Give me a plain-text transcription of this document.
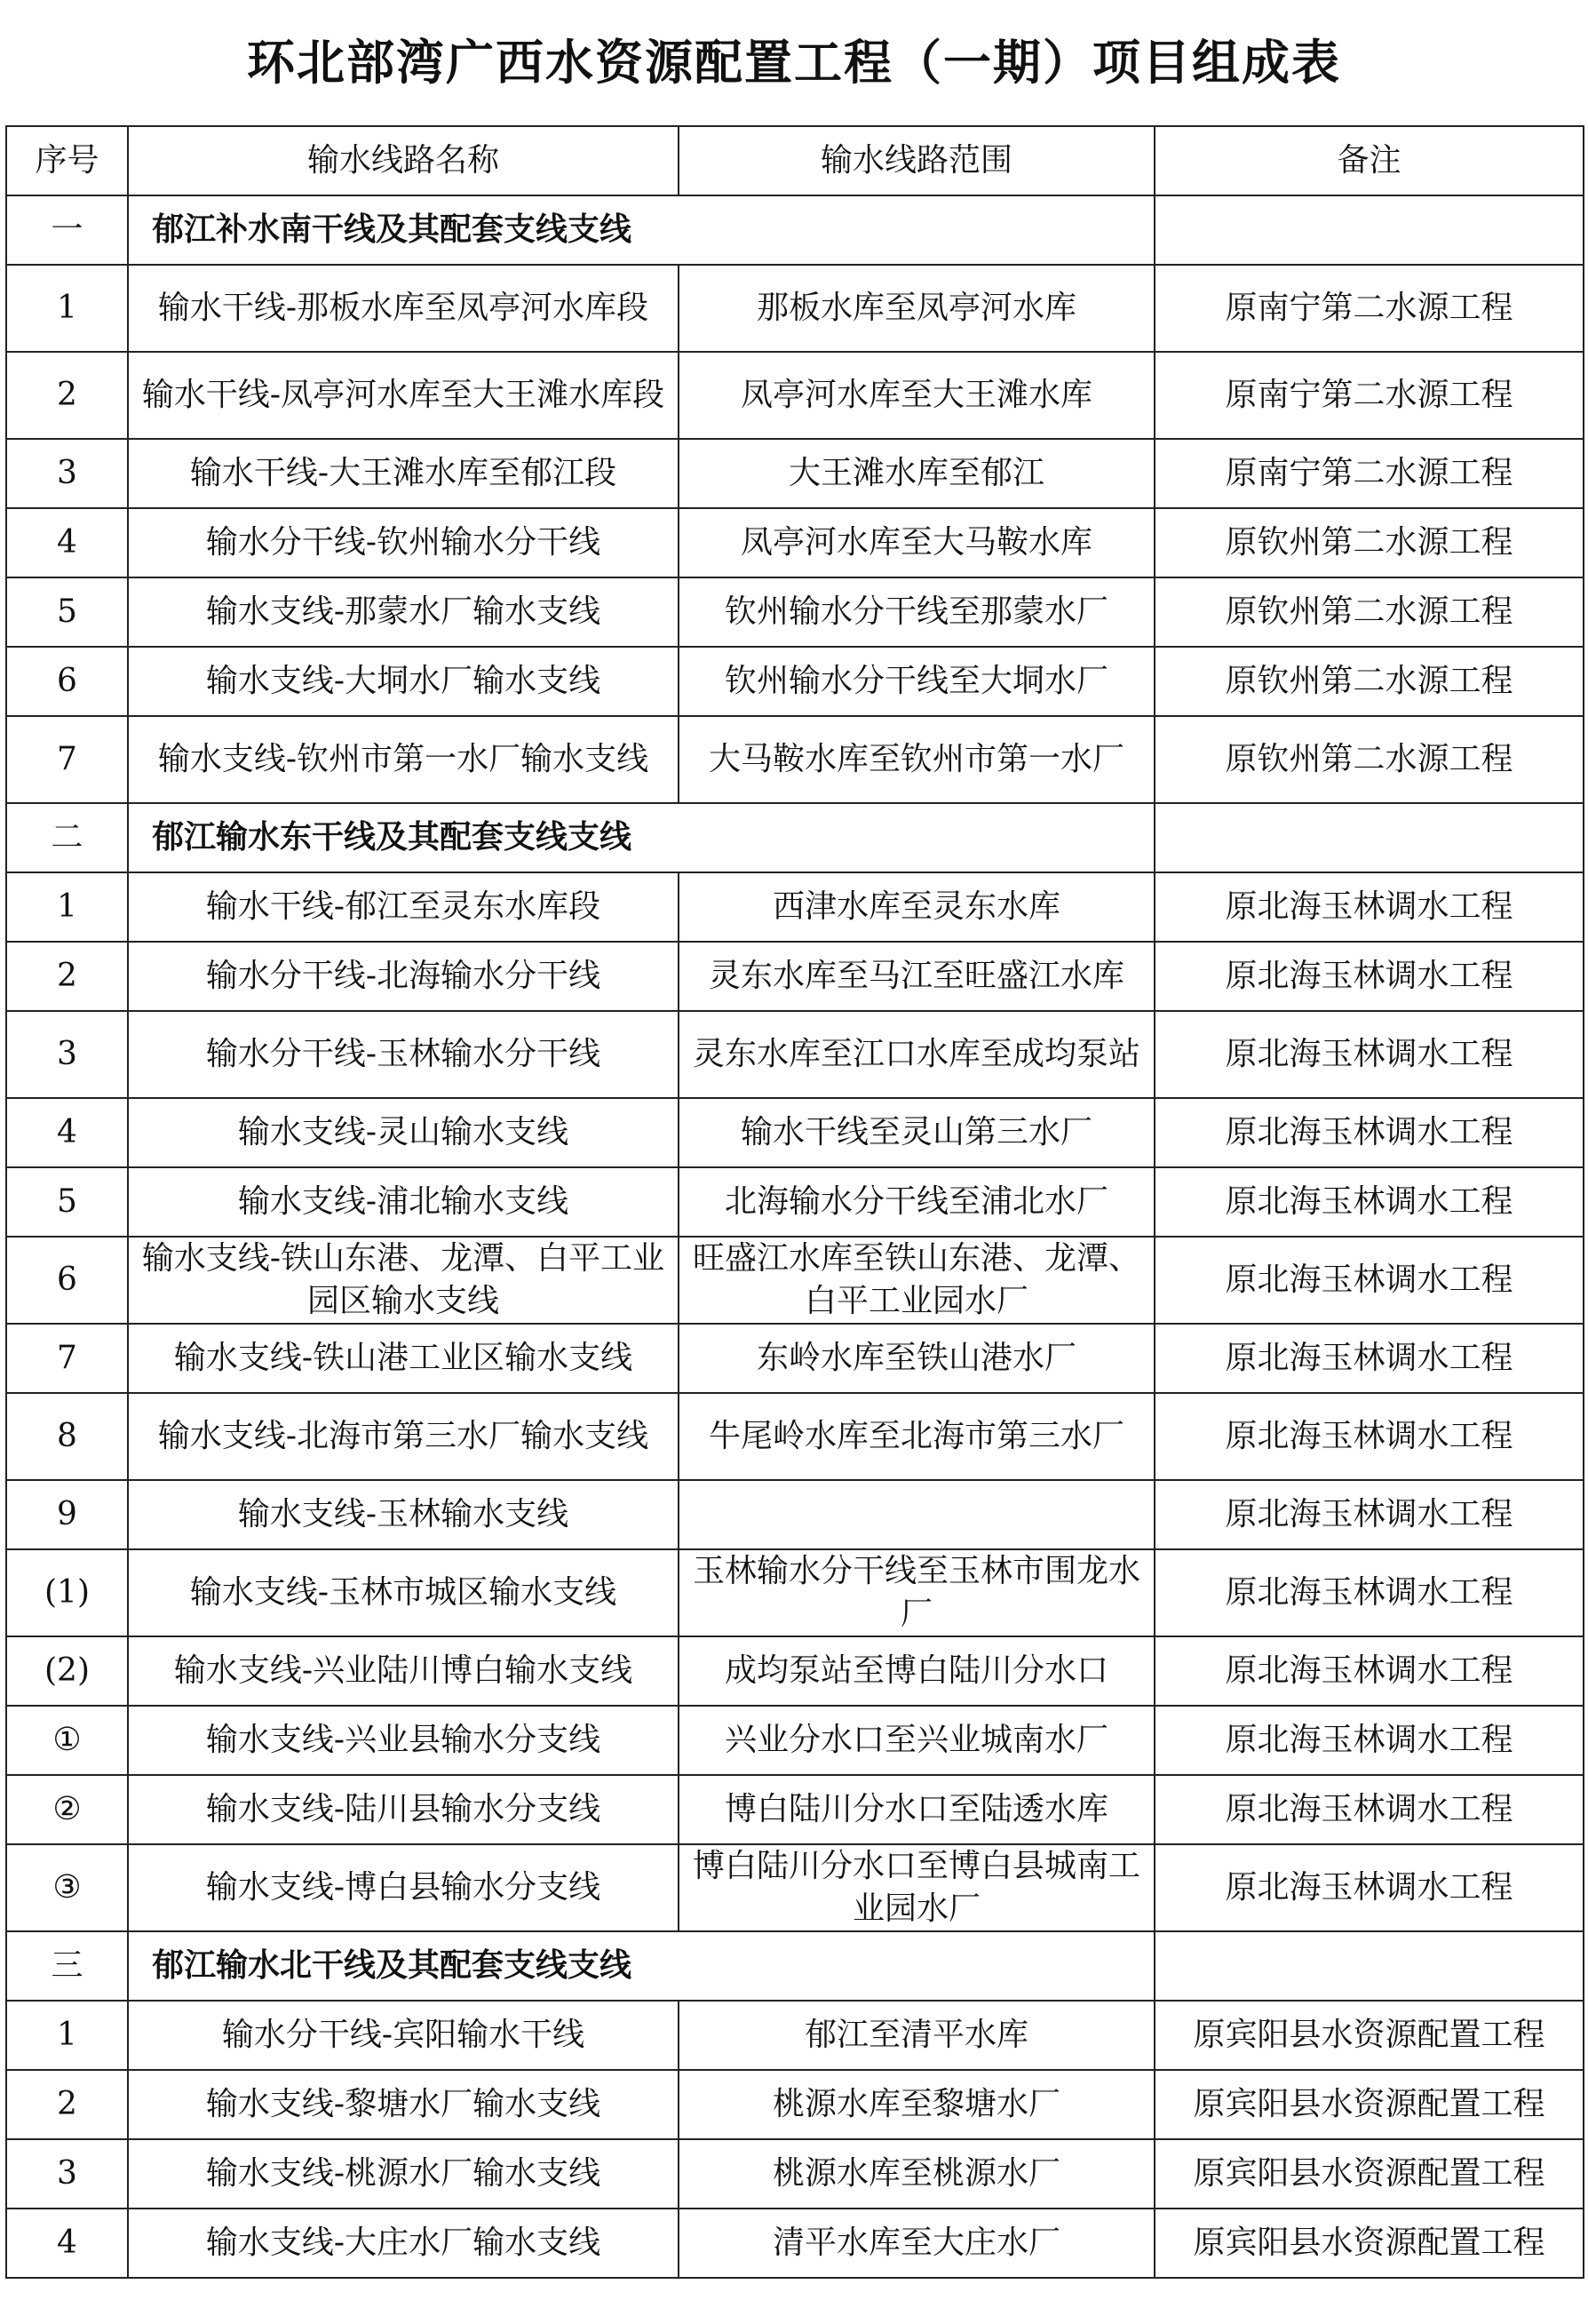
环北部湾广西水资源配置工程（一期）项目组成表
序号	输水线路名称	输水线路范围	备注
一	郁江补水南干线及其配套支线支线		
1	输水干线-那板水库至凤亭河水库段	那板水库至凤亭河水库	原南宁第二水源工程
2	输水干线-凤亭河水库至大王滩水库段	凤亭河水库至大王滩水库	原南宁第二水源工程
3	输水干线-大王滩水库至郁江段	大王滩水库至郁江	原南宁第二水源工程
4	输水分干线-钦州输水分干线	凤亭河水库至大马鞍水库	原钦州第二水源工程
5	输水支线-那蒙水厂输水支线	钦州输水分干线至那蒙水厂	原钦州第二水源工程
6	输水支线-大垌水厂输水支线	钦州输水分干线至大垌水厂	原钦州第二水源工程
7	输水支线-钦州市第一水厂输水支线	大马鞍水库至钦州市第一水厂	原钦州第二水源工程
二	郁江输水东干线及其配套支线支线		
1	输水干线-郁江至灵东水库段	西津水库至灵东水库	原北海玉林调水工程
2	输水分干线-北海输水分干线	灵东水库至马江至旺盛江水库	原北海玉林调水工程
3	输水分干线-玉林输水分干线	灵东水库至江口水库至成均泵站	原北海玉林调水工程
4	输水支线-灵山输水支线	输水干线至灵山第三水厂	原北海玉林调水工程
5	输水支线-浦北输水支线	北海输水分干线至浦北水厂	原北海玉林调水工程
6	输水支线-铁山东港、龙潭、白平工业园区输水支线	旺盛江水库至铁山东港、龙潭、白平工业园水厂	原北海玉林调水工程
7	输水支线-铁山港工业区输水支线	东岭水库至铁山港水厂	原北海玉林调水工程
8	输水支线-北海市第三水厂输水支线	牛尾岭水库至北海市第三水厂	原北海玉林调水工程
9	输水支线-玉林输水支线		原北海玉林调水工程
(1)	输水支线-玉林市城区输水支线	玉林输水分干线至玉林市围龙水厂	原北海玉林调水工程
(2)	输水支线-兴业陆川博白输水支线	成均泵站至博白陆川分水口	原北海玉林调水工程
①	输水支线-兴业县输水分支线	兴业分水口至兴业城南水厂	原北海玉林调水工程
②	输水支线-陆川县输水分支线	博白陆川分水口至陆透水库	原北海玉林调水工程
③	输水支线-博白县输水分支线	博白陆川分水口至博白县城南工业园水厂	原北海玉林调水工程
三	郁江输水北干线及其配套支线支线		
1	输水分干线-宾阳输水干线	郁江至清平水库	原宾阳县水资源配置工程
2	输水支线-黎塘水厂输水支线	桃源水库至黎塘水厂	原宾阳县水资源配置工程
3	输水支线-桃源水厂输水支线	桃源水库至桃源水厂	原宾阳县水资源配置工程
4	输水支线-大庄水厂输水支线	清平水库至大庄水厂	原宾阳县水资源配置工程
